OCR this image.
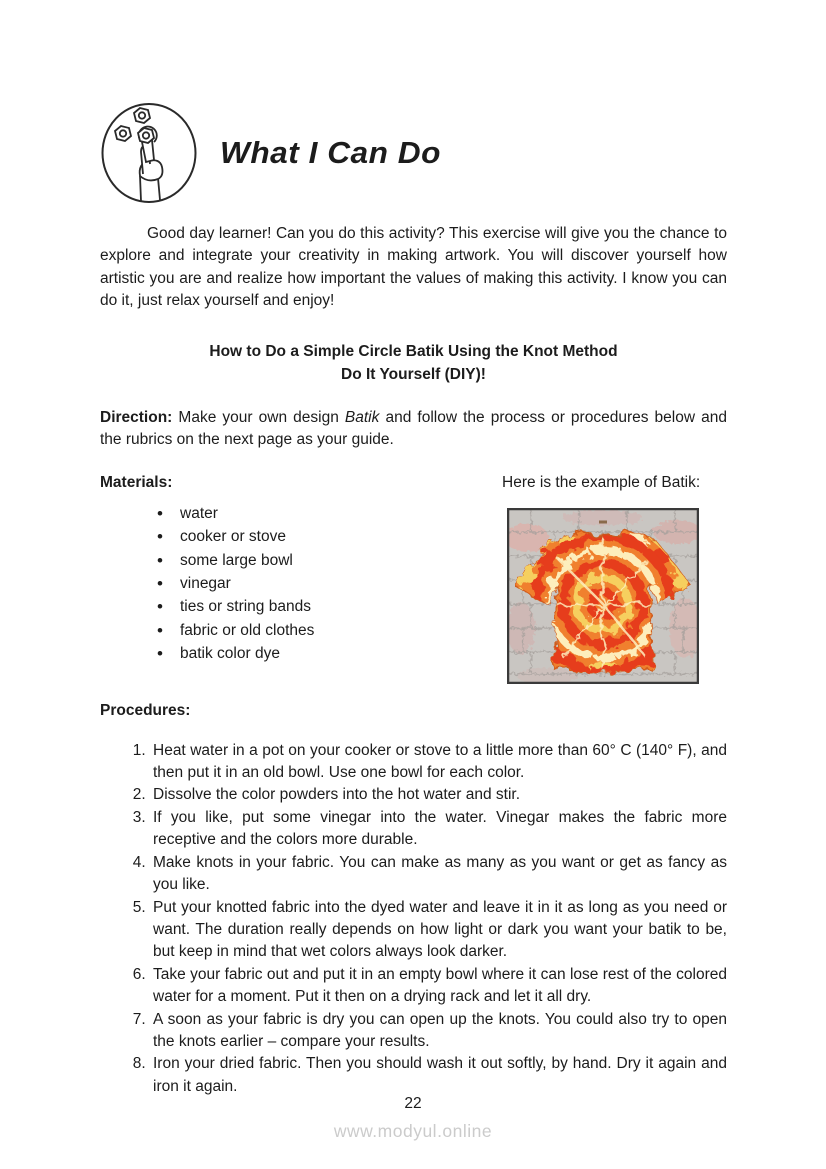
What I Can Do

Good day learner! Can you do this activity? This exercise will give you the chance to explore and integrate your creativity in making artwork. You will discover yourself how artistic you are and realize how important the values of making this activity. I know you can do it, just relax yourself and enjoy!

How to Do a Simple Circle Batik Using the Knot Method
Do It Yourself (DIY)!

Direction: Make your own design Batik and follow the process or procedures below and the rubrics on the next page as your guide.

Materials:
• water
• cooker or stove
• some large bowl
• vinegar
• ties or string bands
• fabric or old clothes
• batik color dye

Here is the example of Batik:

Procedures:
1. Heat water in a pot on your cooker or stove to a little more than 60° C (140° F), and then put it in an old bowl. Use one bowl for each color.
2. Dissolve the color powders into the hot water and stir.
3. If you like, put some vinegar into the water. Vinegar makes the fabric more receptive and the colors more durable.
4. Make knots in your fabric. You can make as many as you want or get as fancy as you like.
5. Put your knotted fabric into the dyed water and leave it in it as long as you need or want. The duration really depends on how light or dark you want your batik to be, but keep in mind that wet colors always look darker.
6. Take your fabric out and put it in an empty bowl where it can lose rest of the colored water for a moment. Put it then on a drying rack and let it all dry.
7. A soon as your fabric is dry you can open up the knots. You could also try to open the knots earlier – compare your results.
8. Iron your dried fabric. Then you should wash it out softly, by hand. Dry it again and iron it again.
22
www.modyul.online
